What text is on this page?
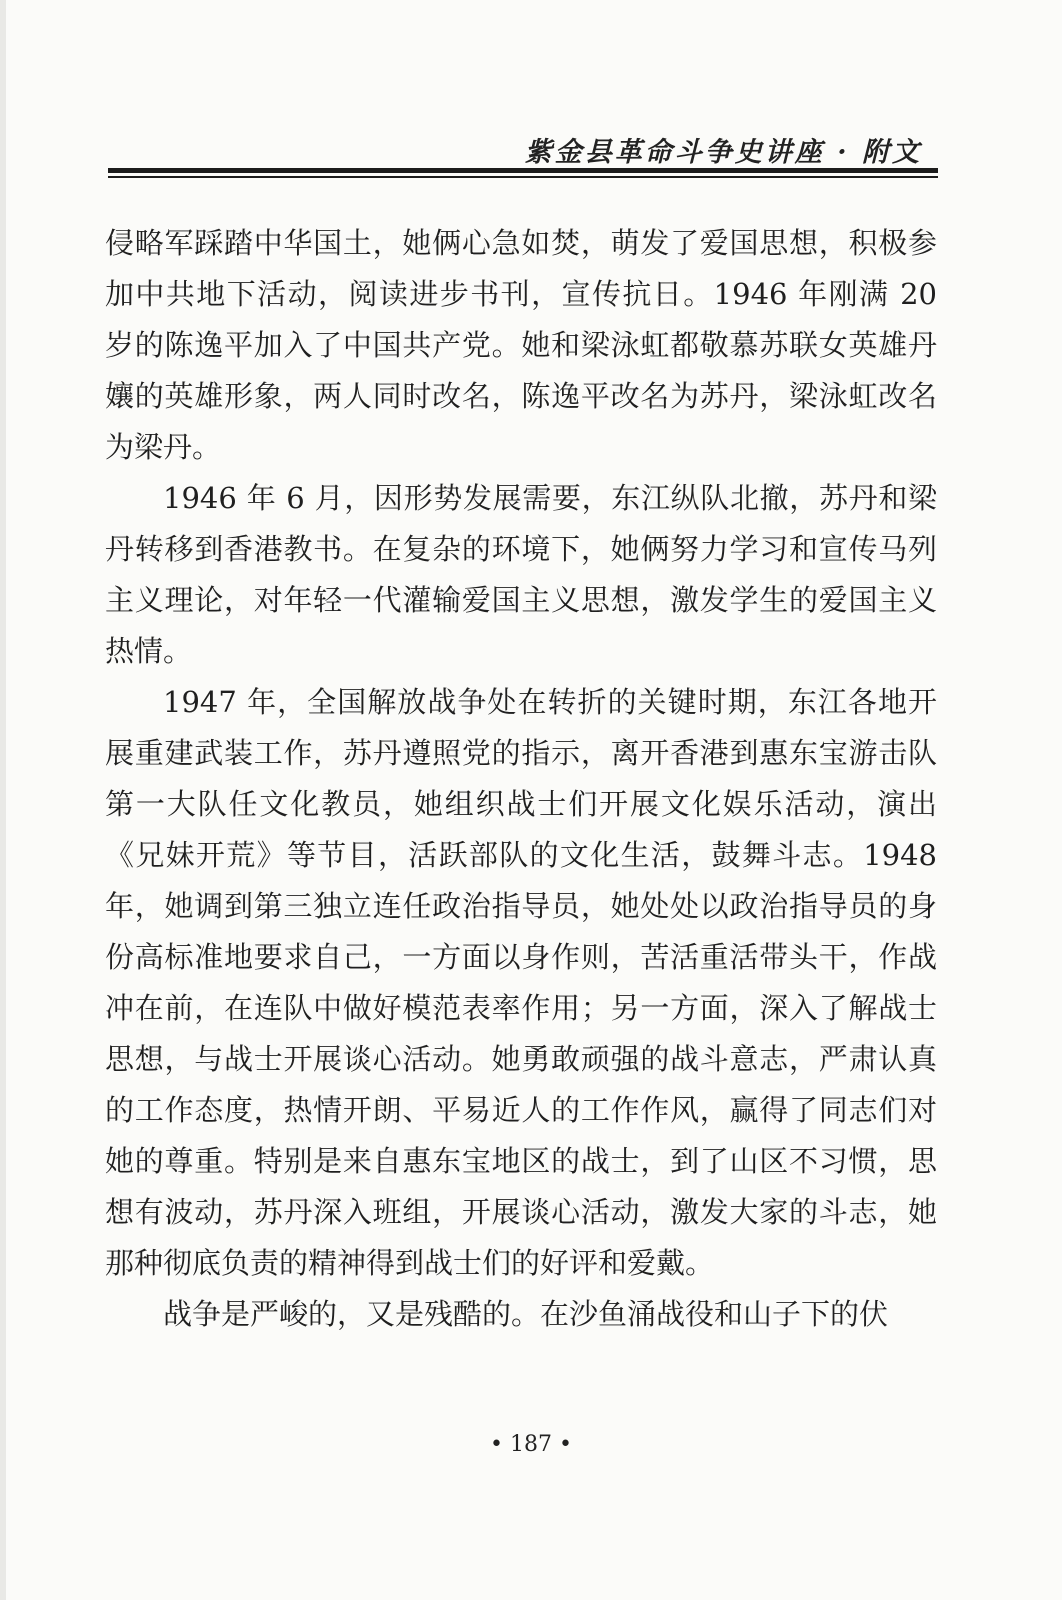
紫金县革命斗争史讲座 · 附文

侵略军踩踏中华国土，她俩心急如焚，萌发了爱国思想，积极参加中共地下活动，阅读进步书刊，宣传抗日。1946 年刚满 20 岁的陈逸平加入了中国共产党。她和梁泳虹都敬慕苏联女英雄丹孃的英雄形象，两人同时改名，陈逸平改名为苏丹，梁泳虹改名为梁丹。

1946 年 6 月，因形势发展需要，东江纵队北撤，苏丹和梁丹转移到香港教书。在复杂的环境下，她俩努力学习和宣传马列主义理论，对年轻一代灌输爱国主义思想，激发学生的爱国主义热情。

1947 年，全国解放战争处在转折的关键时期，东江各地开展重建武装工作，苏丹遵照党的指示，离开香港到惠东宝游击队第一大队任文化教员，她组织战士们开展文化娱乐活动，演出《兄妹开荒》等节目，活跃部队的文化生活，鼓舞斗志。1948 年，她调到第三独立连任政治指导员，她处处以政治指导员的身份高标准地要求自己，一方面以身作则，苦活重活带头干，作战冲在前，在连队中做好模范表率作用；另一方面，深入了解战士思想，与战士开展谈心活动。她勇敢顽强的战斗意志，严肃认真的工作态度，热情开朗、平易近人的工作作风，赢得了同志们对她的尊重。特别是来自惠东宝地区的战士，到了山区不习惯，思想有波动，苏丹深入班组，开展谈心活动，激发大家的斗志，她那种彻底负责的精神得到战士们的好评和爱戴。

战争是严峻的，又是残酷的。在沙鱼涌战役和山子下的伏

• 187 •
